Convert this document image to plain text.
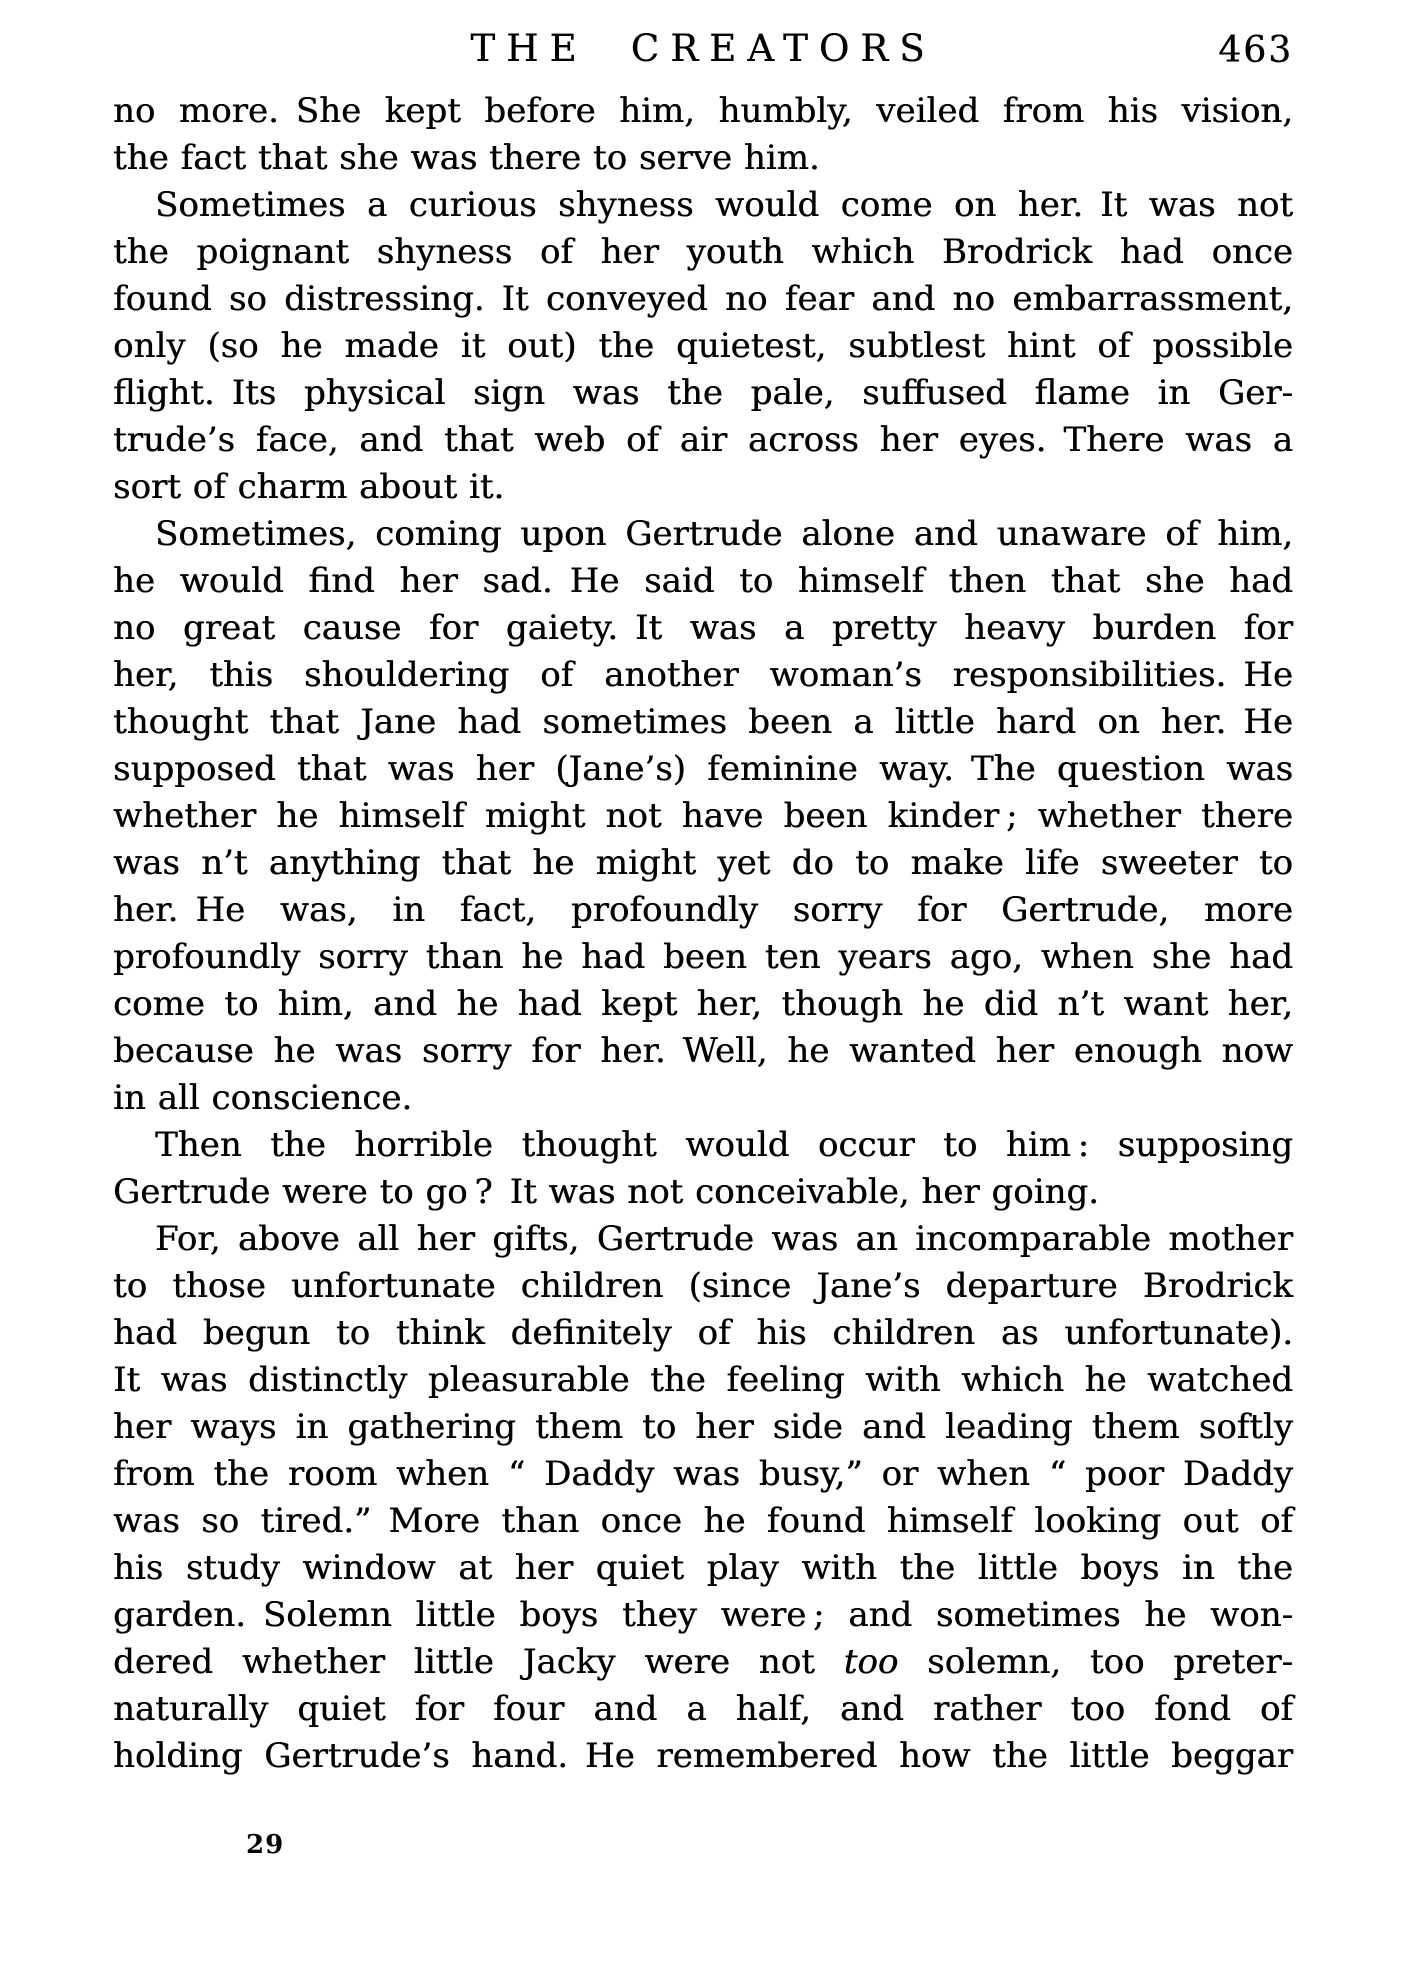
THE CREATORS	463
no more. She kept before him, humbly, veiled from his vision,
the fact that she was there to serve him.
Sometimes a curious shyness would come on her. It was not
the poignant shyness of her youth which Brodrick had once
found so distressing. It conveyed no fear and no embarrassment,
only (so he made it out) the quietest, subtlest hint of possible
flight. Its physical sign was the pale, suffused flame in Ger-
trude’s face, and that web of air across her eyes. There was a
sort of charm about it.
Sometimes, coming upon Gertrude alone and unaware of him,
he would find her sad. He said to himself then that she had
no great cause for gaiety. It was a pretty heavy burden for
her, this shouldering of another woman’s responsibilities. He
thought that Jane had sometimes been a little hard on her. He
supposed that was her (Jane’s) feminine way. The question was
whether he himself might not have been kinder ; whether there
was n’t anything that he might yet do to make life sweeter to
her. He was, in fact, profoundly sorry for Gertrude, more
profoundly sorry than he had been ten years ago, when she had
come to him, and he had kept her, though he did n’t want her,
because he was sorry for her. Well, he wanted her enough now
in all conscience.
Then the horrible thought would occur to him : supposing
Gertrude were to go ? It was not conceivable, her going.
For, above all her gifts, Gertrude was an incomparable mother
to those unfortunate children (since Jane’s departure Brodrick
had begun to think definitely of his children as unfortunate).
It was distinctly pleasurable the feeling with which he watched
her ways in gathering them to her side and leading them softly
from the room when “ Daddy was busy,” or when “ poor Daddy
was so tired.” More than once he found himself looking out of
his study window at her quiet play with the little boys in the
garden. Solemn little boys they were ; and sometimes he won-
dered whether little Jacky were not too solemn, too preter-
naturally quiet for four and a half, and rather too fond of
holding Gertrude’s hand. He remembered how the little beggar
29
